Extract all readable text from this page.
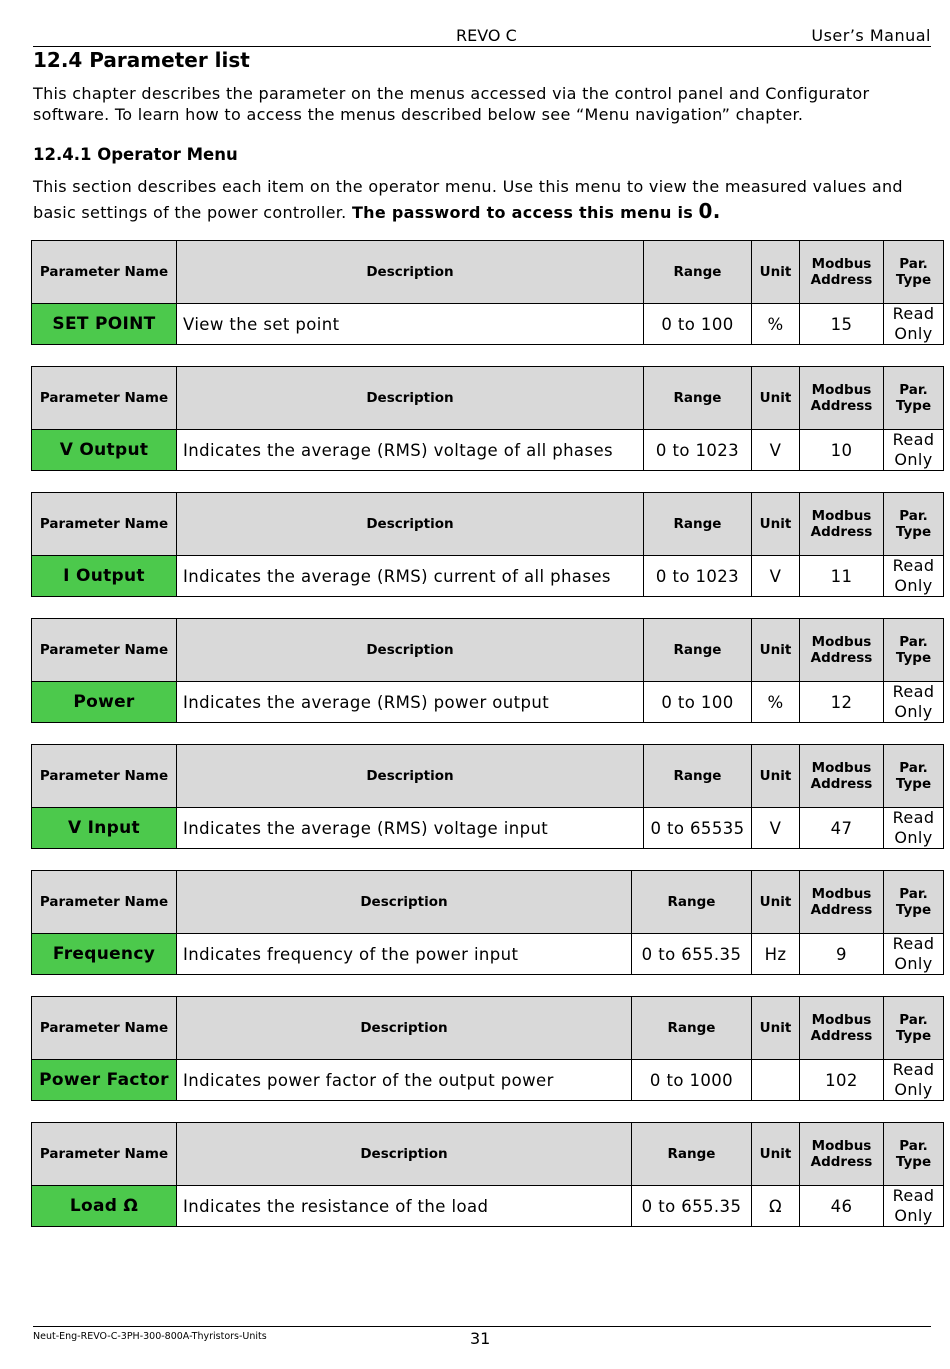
REVO C	User’s Manual
12.4 Parameter list
This chapter describes the parameter on the menus accessed via the control panel and Configurator software. To learn how to access the menus described below see “Menu navigation” chapter.
12.4.1 Operator Menu
This section describes each item on the operator menu. Use this menu to view the measured values and basic settings of the power controller. The password to access this menu is 0.
Parameter Name	Description	Range	Unit	Modbus Address	Par. Type
SET POINT	View the set point	0 to 100	%	15	Read Only
Parameter Name	Description	Range	Unit	Modbus Address	Par. Type
V Output	Indicates the average (RMS) voltage of all phases	0 to 1023	V	10	Read Only
Parameter Name	Description	Range	Unit	Modbus Address	Par. Type
I Output	Indicates the average (RMS) current of all phases	0 to 1023	V	11	Read Only
Parameter Name	Description	Range	Unit	Modbus Address	Par. Type
Power	Indicates the average (RMS) power output	0 to 100	%	12	Read Only
Parameter Name	Description	Range	Unit	Modbus Address	Par. Type
V Input	Indicates the average (RMS) voltage input	0 to 65535	V	47	Read Only
Parameter Name	Description	Range	Unit	Modbus Address	Par. Type
Frequency	Indicates frequency of the power input	0 to 655.35	Hz	9	Read Only
Parameter Name	Description	Range	Unit	Modbus Address	Par. Type
Power Factor	Indicates power factor of the output power	0 to 1000		102	Read Only
Parameter Name	Description	Range	Unit	Modbus Address	Par. Type
Load Ω	Indicates the resistance of the load	0 to 655.35	Ω	46	Read Only
Neut-Eng-REVO-C-3PH-300-800A-Thyristors-Units	31
